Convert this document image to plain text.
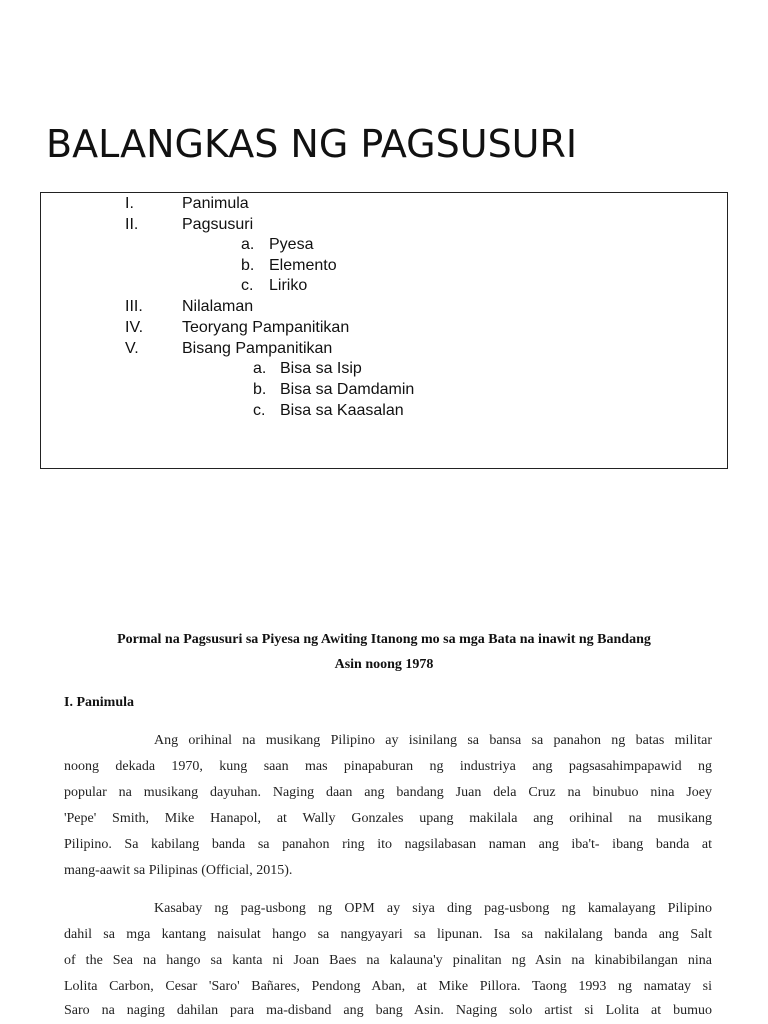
BALANGKAS NG PAGSUSURI
I.	Panimula
II.	Pagsusuri
a. Pyesa
b. Elemento
c. Liriko
III. Nilalaman
IV. Teoryang Pampanitikan
V.	Bisang Pampanitikan
a. Bisa sa Isip
b. Bisa sa Damdamin
c. Bisa sa Kaasalan
Pormal na Pagsusuri sa Piyesa ng Awiting Itanong mo sa mga Bata na inawit ng Bandang
Asin noong 1978
I. Panimula
Ang orihinal na musikang Pilipino ay isinilang sa bansa sa panahon ng batas militar
noong dekada 1970, kung saan mas pinapaburan ng industriya ang pagsasahimpapawid ng
popular na musikang dayuhan. Naging daan ang bandang Juan dela Cruz na binubuo nina Joey
'Pepe' Smith, Mike Hanapol, at Wally Gonzales upang makilala ang orihinal na musikang
Pilipino. Sa kabilang banda sa panahon ring ito nagsilabasan naman ang iba't- ibang banda at
mang-aawit sa Pilipinas (Official, 2015).
Kasabay ng pag-usbong ng OPM ay siya ding pag-usbong ng kamalayang Pilipino
dahil sa mga kantang naisulat hango sa nangyayari sa lipunan. Isa sa nakilalang banda ang Salt
of the Sea na hango sa kanta ni Joan Baes na kalauna'y pinalitan ng Asin na kinabibilangan nina
Lolita Carbon, Cesar 'Saro' Bañares, Pendong Aban, at Mike Pillora. Taong 1993 ng namatay si
Saro na naging dahilan para ma-disband ang bang Asin. Naging solo artist si Lolita at bumuo
